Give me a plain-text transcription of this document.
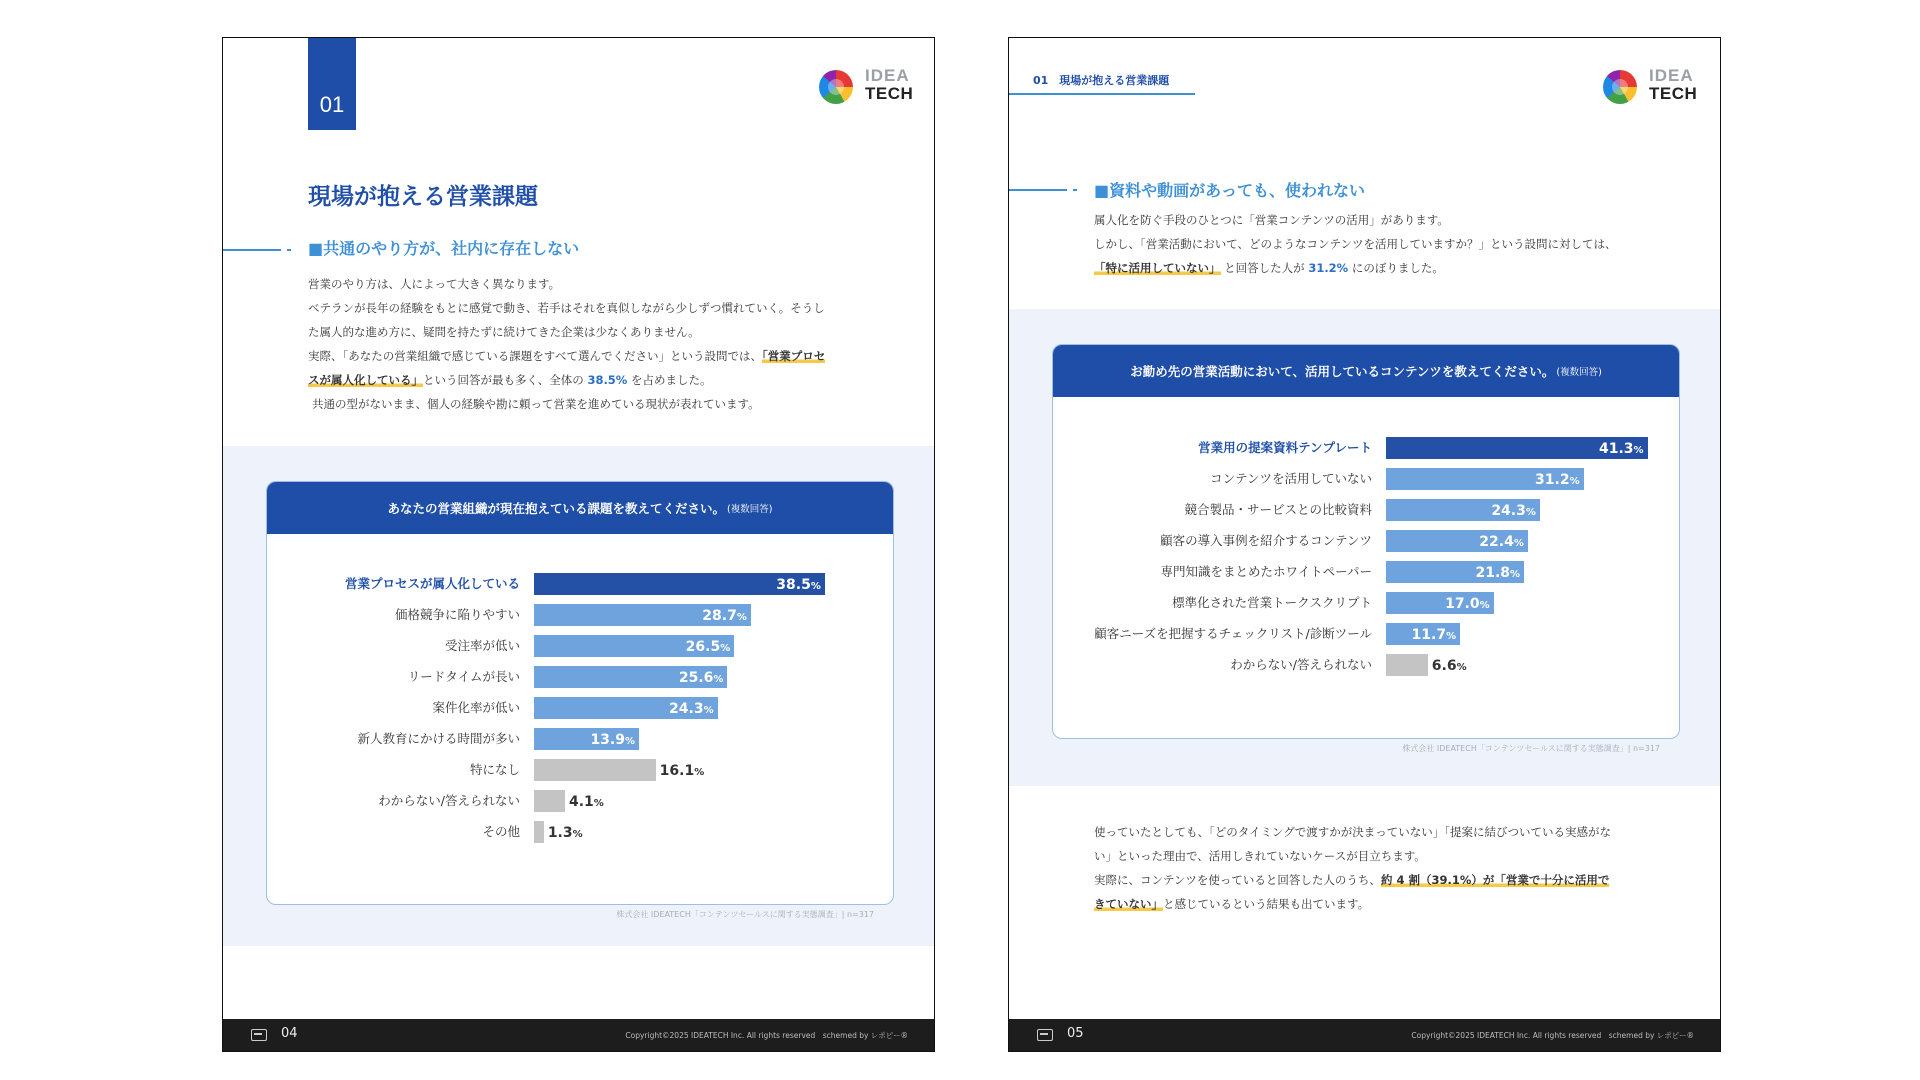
01
IDEA
TECH
現場が抱える営業課題
■共通のやり方が、社内に存在しない

営業のやり方は、人によって大きく異なります。

ベテランが長年の経験をもとに感覚で動き、若手はそれを真似しながら少しずつ慣れていく。そうし

た属人的な進め方に、疑問を持たずに続けてきた企業は少なくありません。

実際、「あなたの営業組織で感じている課題をすべて選んでください」という設問では、「営業プロセ

スが属人化している」という回答が最も多く、全体の 38.5% を占めました。

共通の型がないまま、個人の経験や勘に頼って営業を進めている現状が表れています。

あなたの営業組織が現在抱えている課題を教えてください。 (複数回答)
営業プロセスが属人化している	38.5%
価格競争に陥りやすい	28.7%
受注率が低い	26.5%
リードタイムが長い	25.6%
案件化率が低い	24.3%
新人教育にかける時間が多い	13.9%
特になし	16.1%
わからない/答えられない	4.1%
その他 1.3%
株式会社 IDEATECH「コンテンツセールスに関する実態調査」| n=317
04	Copyright©2025 IDEATECH Inc. All rights reserved　schemed by レポピー®
01　現場が抱える営業課題	IDEA
TECH
■資料や動画があっても、使われない

属人化を防ぐ手段のひとつに「営業コンテンツの活用」があります。

しかし、「営業活動において、どのようなコンテンツを活用していますか？」という設問に対しては、

「特に活用していない」 と回答した人が 31.2% にのぼりました。

お勤め先の営業活動において、活用しているコンテンツを教えてください。 (複数回答)
営業用の提案資料テンプレート	41.3%
コンテンツを活用していない	31.2%
競合製品・サービスとの比較資料	24.3%
顧客の導入事例を紹介するコンテンツ	22.4%
専門知識をまとめたホワイトペーパー	21.8%
標準化された営業トークスクリプト	17.0%
顧客ニーズを把握するチェックリスト/診断ツール	11.7%
わからない/答えられない	6.6%
株式会社 IDEATECH「コンテンツセールスに関する実態調査」| n=317

使っていたとしても、「どのタイミングで渡すかが決まっていない」「提案に結びついている実感がな

い」といった理由で、活用しきれていないケースが目立ちます。

実際に、コンテンツを使っていると回答した人のうち、約 4 割（39.1%）が「営業で十分に活用で

きていない」と感じているという結果も出ています。

05	Copyright©2025 IDEATECH Inc. All rights reserved　schemed by レポピー®
